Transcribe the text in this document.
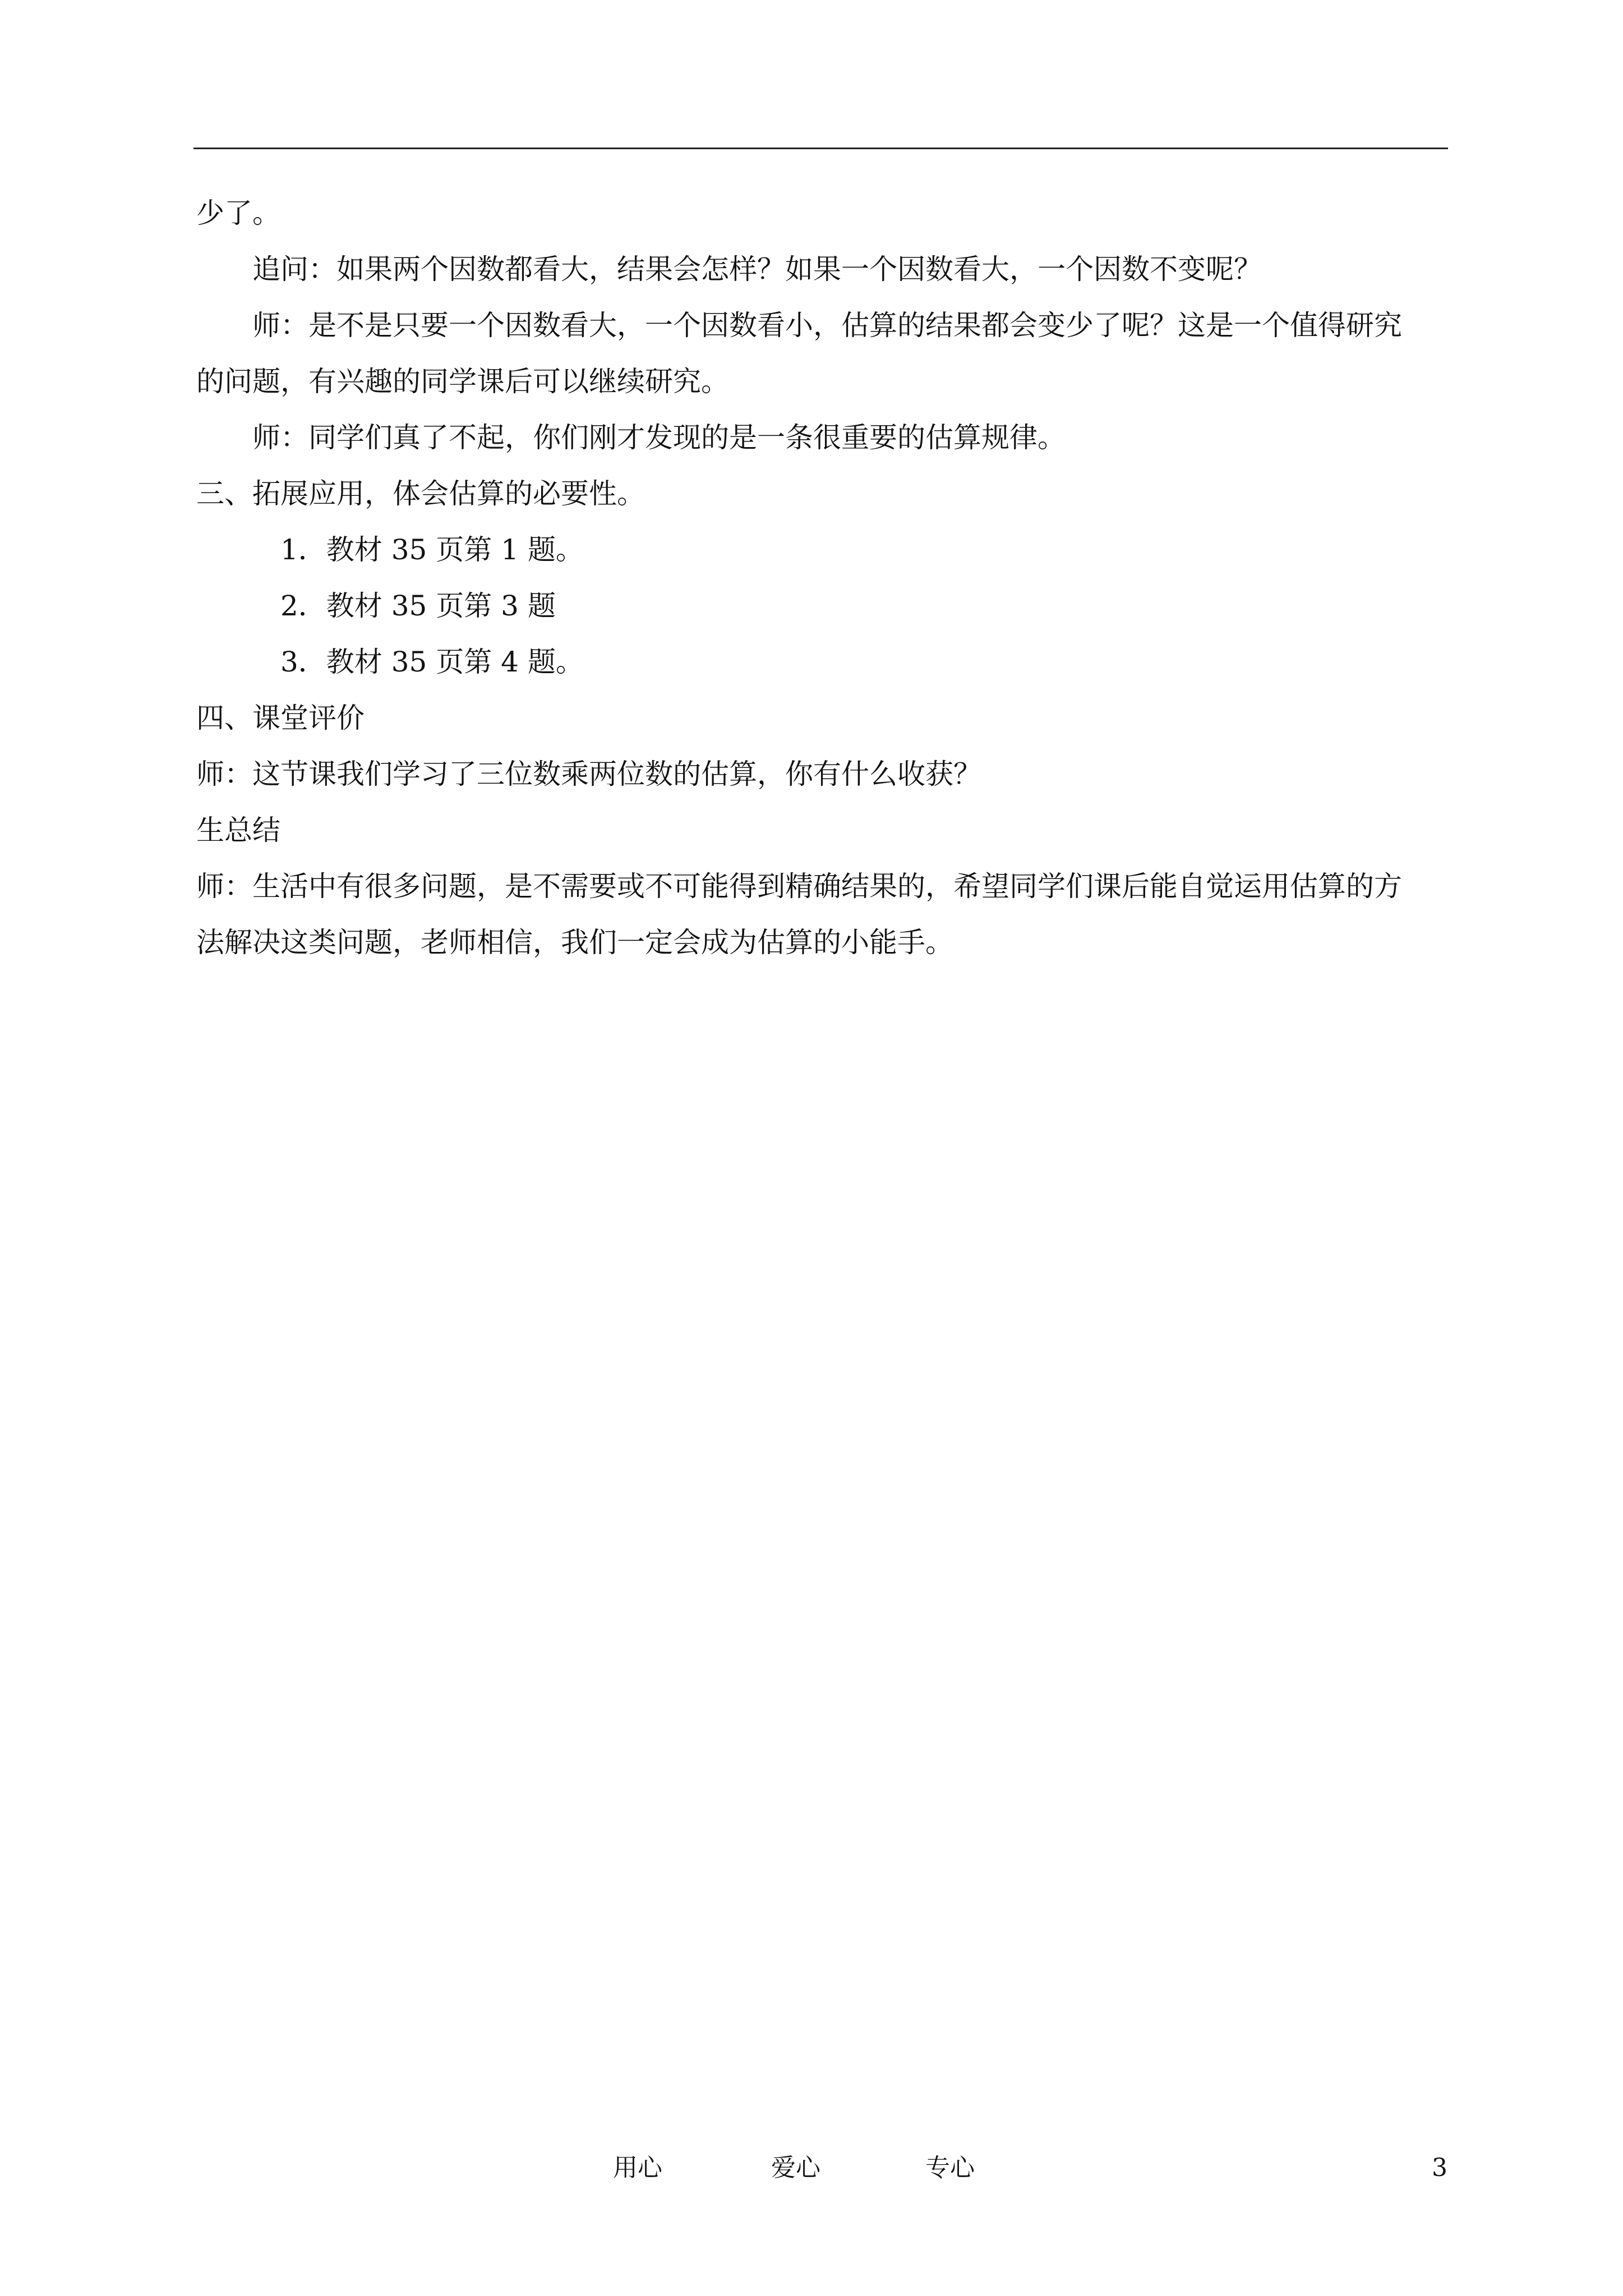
少了。

追问：如果两个因数都看大，结果会怎样？如果一个因数看大，一个因数不变呢？

师：是不是只要一个因数看大，一个因数看小，估算的结果都会变少了呢？这是一个值得研究

的问题，有兴趣的同学课后可以继续研究。

师：同学们真了不起，你们刚才发现的是一条很重要的估算规律。

三、拓展应用，体会估算的必要性。

1．教材 35 页第 1 题。

2．教材 35 页第 3 题

3．教材 35 页第 4 题。

四、课堂评价

师：这节课我们学习了三位数乘两位数的估算，你有什么收获？

生总结

师：生活中有很多问题，是不需要或不可能得到精确结果的，希望同学们课后能自觉运用估算的方

法解决这类问题，老师相信，我们一定会成为估算的小能手。

用心	爱心	专心	3
